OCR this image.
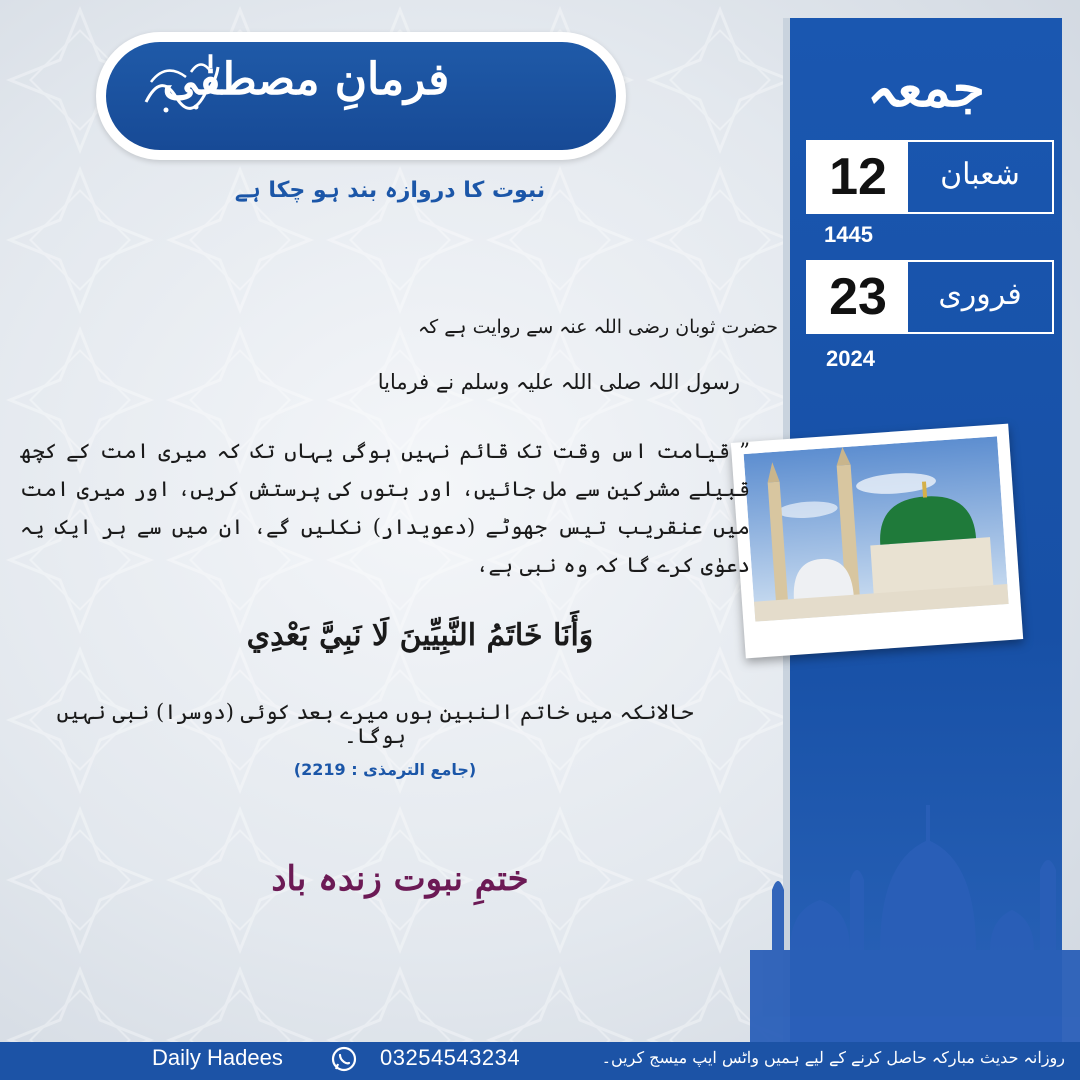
فرمانِ مصطفٰی
نبوت کا دروازہ بند ہو چکا ہے
جمعہ
12	شعبان
1445
23	فروری
2024
حضرت ثوبان رضی اللہ عنہ سے روایت ہے کہ
رسول اللہ صلی اللہ علیہ وسلم نے فرمایا
” قیامت اس وقت تک قائم نہیں ہوگی یہاں تک کہ میری امت کے کچھ قبیلے مشرکین سے مل جائیں، اور بتوں کی پرستش کریں، اور میری امت میں عنقریب تیس جھوٹے (دعویدار) نکلیں گے، ان میں سے ہر ایک یہ دعوٰی کرے گا کہ وہ نبی ہے،
وَأَنَا خَاتَمُ النَّبِيِّينَ لَا نَبِيَّ بَعْدِي
حالانکہ میں خاتم النبین ہوں میرے بعد کوئی (دوسرا) نبی نہیں ہوگا۔
(جامع الترمذی : 2219)
ختمِ نبوت زندہ باد
Daily Hadees	03254543234	روزانہ حدیث مبارکہ حاصل کرنے کے لیے ہمیں واٹس ایپ میسج کریں۔
